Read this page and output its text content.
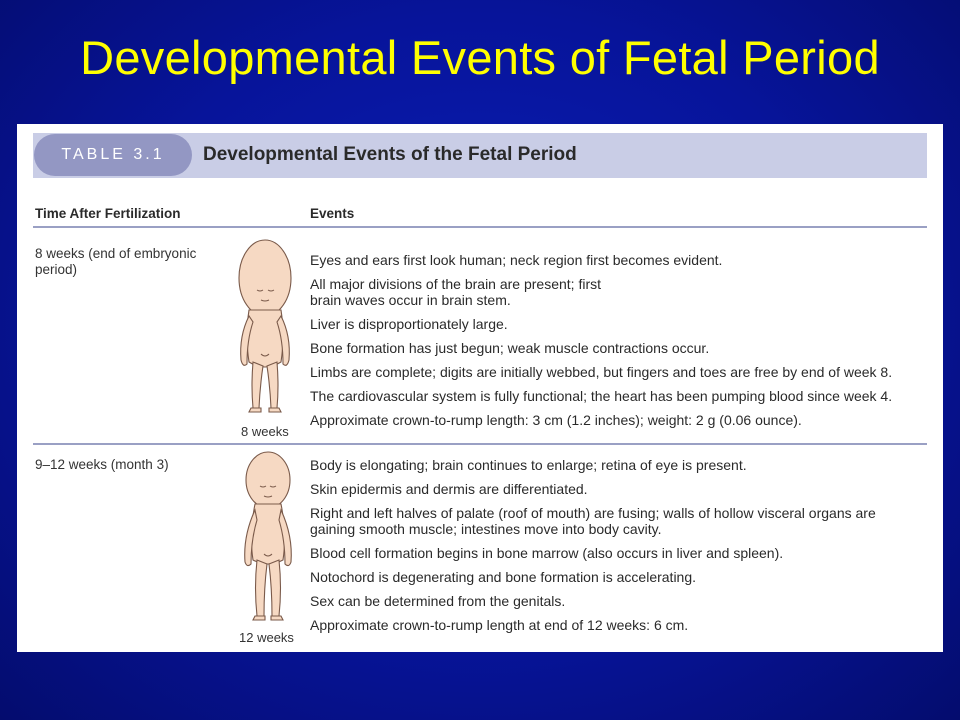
Developmental Events of Fetal Period
TABLE 3.1	Developmental Events of the Fetal Period
Time After Fertilization	Events
8 weeks (end of embryonic period)
8 weeks
Eyes and ears first look human; neck region first becomes evident.
All major divisions of the brain are present; first brain waves occur in brain stem.
Liver is disproportionately large.
Bone formation has just begun; weak muscle contractions occur.
Limbs are complete; digits are initially webbed, but fingers and toes are free by end of week 8.
The cardiovascular system is fully functional; the heart has been pumping blood since week 4.
Approximate crown-to-rump length: 3 cm (1.2 inches); weight: 2 g (0.06 ounce).
9–12 weeks (month 3)
12 weeks
Body is elongating; brain continues to enlarge; retina of eye is present.
Skin epidermis and dermis are differentiated.
Right and left halves of palate (roof of mouth) are fusing; walls of hollow visceral organs are gaining smooth muscle; intestines move into body cavity.
Blood cell formation begins in bone marrow (also occurs in liver and spleen).
Notochord is degenerating and bone formation is accelerating.
Sex can be determined from the genitals.
Approximate crown-to-rump length at end of 12 weeks: 6 cm.
